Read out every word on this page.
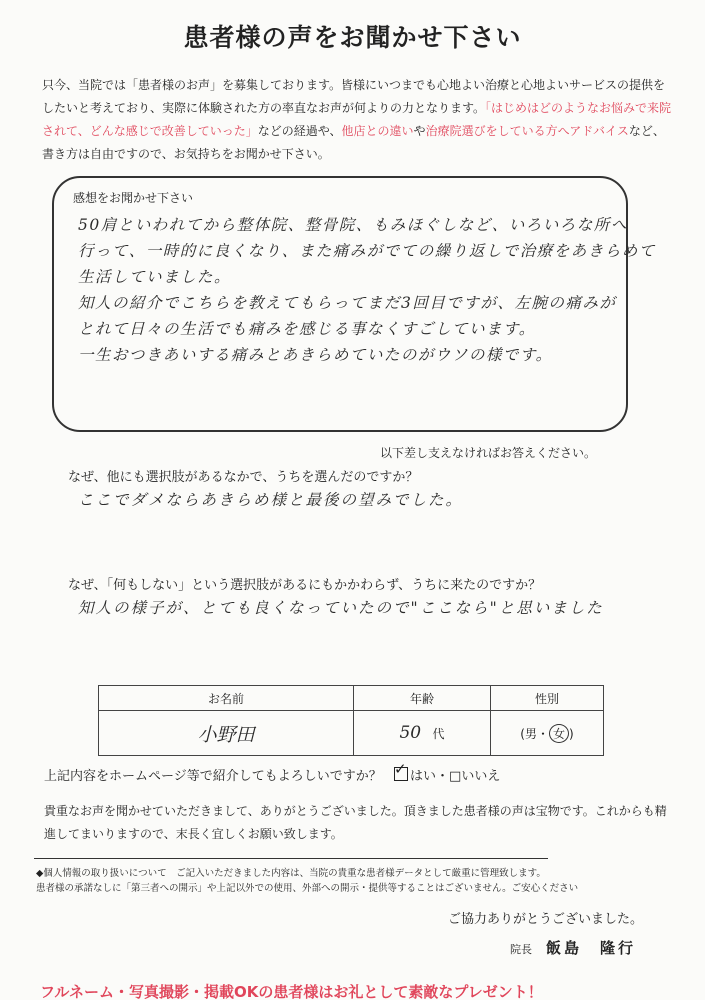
患者様の声をお聞かせ下さい
只今、当院では「患者様のお声」を募集しております。皆様にいつまでも心地よい治療と心地よいサービスの提供をしたいと考えており、実際に体験された方の率直なお声が何よりの力となります。「はじめはどのようなお悩みで来院されて、どんな感じで改善していった」などの経過や、他店との違いや治療院選びをしている方へアドバイスなど、書き方は自由ですので、お気持ちをお聞かせ下さい。
感想をお聞かせ下さい
50肩といわれてから整体院、整骨院、もみほぐしなど、いろいろな所へ
行って、一時的に良くなり、また痛みがでての繰り返しで治療をあきらめて
生活していました。
知人の紹介でこちらを教えてもらってまだ3回目ですが、左腕の痛みが
とれて日々の生活でも痛みを感じる事なくすごしています。
一生おつきあいする痛みとあきらめていたのがウソの様です。
以下差し支えなければお答えください。
なぜ、他にも選択肢があるなかで、うちを選んだのですか？
ここでダメならあきらめ様と最後の望みでした。
なぜ、「何もしない」という選択肢があるにもかかわらず、うちに来たのですか？
知人の様子が、とても良くなっていたので"ここなら"と思いました
お名前	年齢	性別
小野田	50 代	(男・ 女 )
上記内容をホームページ等で紹介してもよろしいですか？ ✓ はい・□いいえ
貴重なお声を聞かせていただきまして、ありがとうございました。頂きました患者様の声は宝物です。これからも精進してまいりますので、末長く宜しくお願い致します。
◆個人情報の取り扱いについて　ご記入いただきました内容は、当院の貴重な患者様データとして厳重に管理致します。
患者様の承諾なしに「第三者への開示」や上記以外での使用、外部への開示・提供等することはございません。ご安心ください
ご協力ありがとうございました。
院長 飯島　隆行
フルネーム・写真撮影・掲載OKの患者様はお礼として素敵なプレゼント！
